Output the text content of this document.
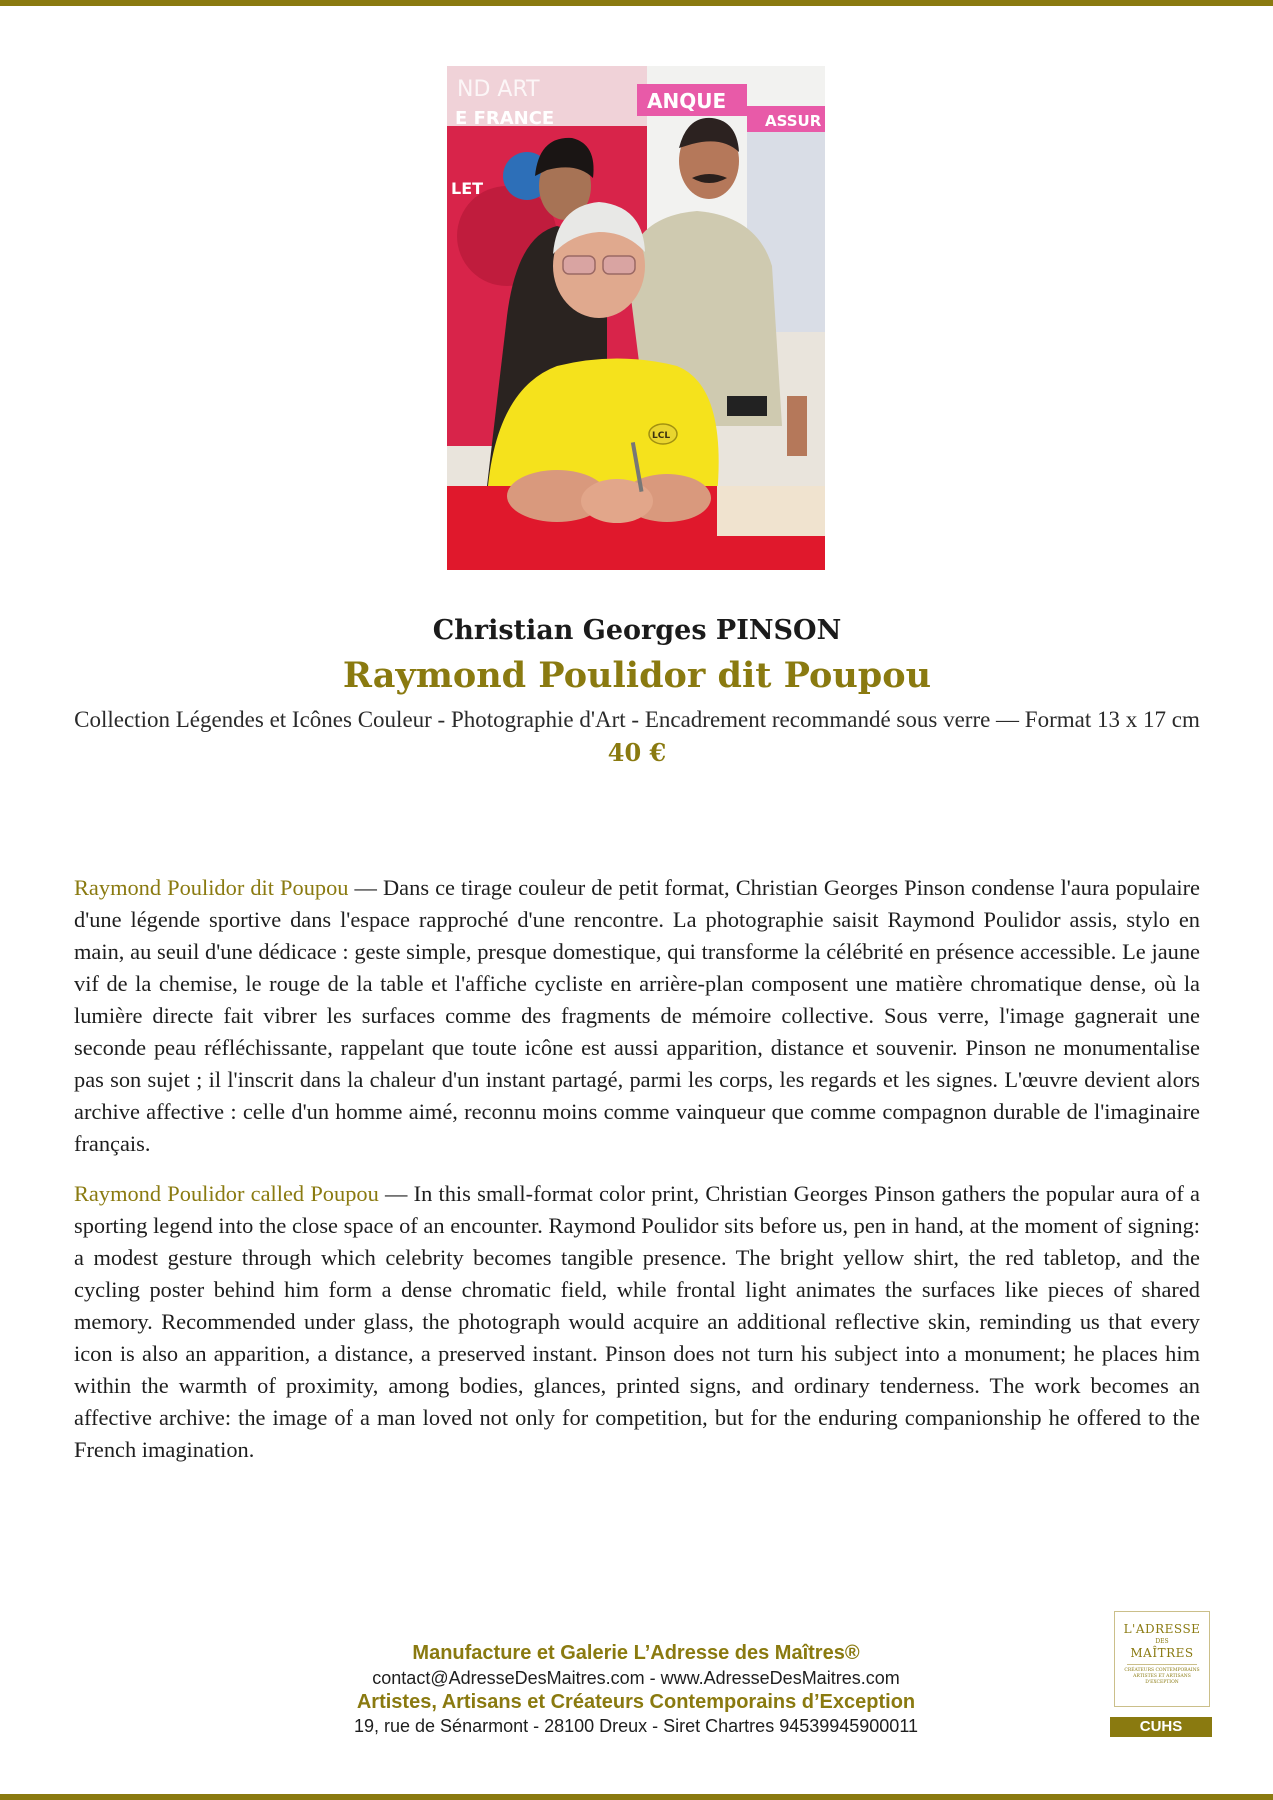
ND ART
E FRANCE
LET
ANQUE
ASSUR
LCL
Christian Georges PINSON
Raymond Poulidor dit Poupou
Collection Légendes et Icônes Couleur - Photographie d'Art - Encadrement recommandé sous verre — Format 13 x 17 cm
40 €

Raymond Poulidor dit Poupou — Dans ce tirage couleur de petit format, Christian Georges Pinson condense l'aura populaire d'une légende sportive dans l'espace rapproché d'une rencontre. La photographie saisit Raymond Poulidor assis, stylo en main, au seuil d'une dédicace : geste simple, presque domestique, qui transforme la célébrité en présence accessible. Le jaune vif de la chemise, le rouge de la table et l'affiche cycliste en arrière-plan composent une matière chromatique dense, où la lumière directe fait vibrer les surfaces comme des fragments de mémoire collective. Sous verre, l'image gagnerait une seconde peau réfléchissante, rappelant que toute icône est aussi apparition, distance et souvenir. Pinson ne monumentalise pas son sujet ; il l'inscrit dans la chaleur d'un instant partagé, parmi les corps, les regards et les signes. L'œuvre devient alors archive affective : celle d'un homme aimé, reconnu moins comme vainqueur que comme compagnon durable de l'imaginaire français.

Raymond Poulidor called Poupou — In this small-format color print, Christian Georges Pinson gathers the popular aura of a sporting legend into the close space of an encounter. Raymond Poulidor sits before us, pen in hand, at the moment of signing: a modest gesture through which celebrity becomes tangible presence. The bright yellow shirt, the red tabletop, and the cycling poster behind him form a dense chromatic field, while frontal light animates the surfaces like pieces of shared memory. Recommended under glass, the photograph would acquire an additional reflective skin, reminding us that every icon is also an apparition, a distance, a preserved instant. Pinson does not turn his subject into a monument; he places him within the warmth of proximity, among bodies, glances, printed signs, and ordinary tenderness. The work becomes an affective archive: the image of a man loved not only for competition, but for the enduring companionship he offered to the French imagination.

Manufacture et Galerie L’Adresse des Maîtres®
contact@AdresseDesMaitres.com - www.AdresseDesMaitres.com
Artistes, Artisans et Créateurs Contemporains d’Exception
19, rue de Sénarmont - 28100 Dreux - Siret Chartres 94539945900011
L'ADRESSE
DES
MAÎTRES
CRÉATEURS CONTEMPORAINS ARTISTES ET ARTISANS D'EXCEPTION
CUHS
